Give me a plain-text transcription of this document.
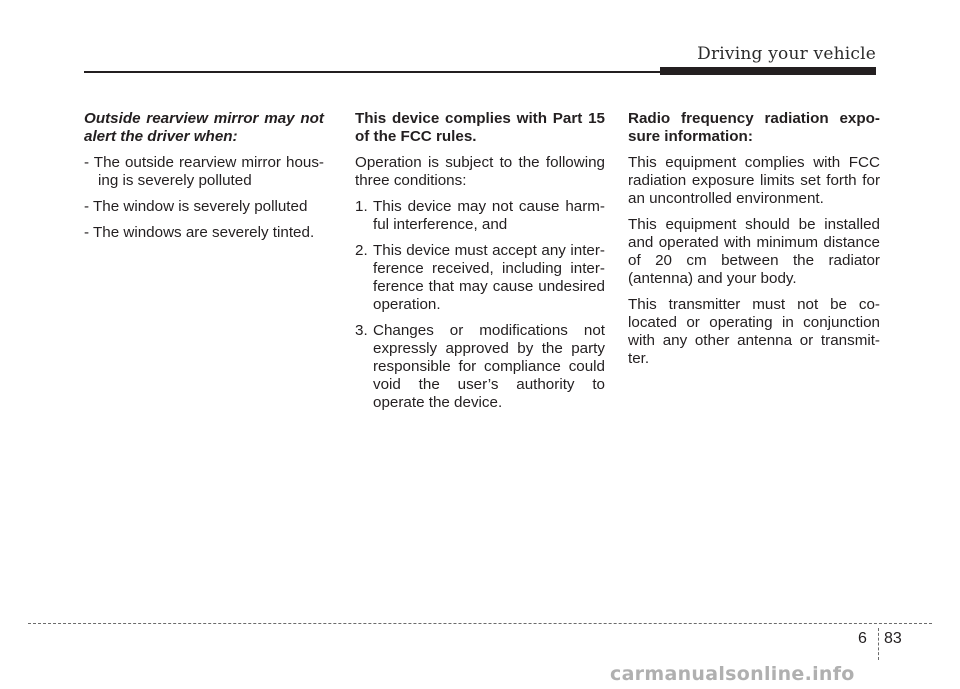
Driving your vehicle

Outside rearview mirror may not alert the driver when:

- The outside rearview mirror hous- ing is severely polluted

- The window is severely polluted

- The windows are severely tinted.

This device complies with Part 15 of the FCC rules.

Operation is subject to the following three conditions:

1. This device may not cause harm- ful interference, and
2. This device must accept any inter- ference received, including inter- ference that may cause undesired operation.
3. Changes or modifications not expressly approved by the party responsible for compliance could void the user’s authority to operate the device.

Radio frequency radiation expo- sure information:

This equipment complies with FCC radiation exposure limits set forth for an uncontrolled environment.

This equipment should be installed and operated with minimum distance of 20 cm between the radiator (antenna) and your body.

This transmitter must not be co- located or operating in conjunction with any other antenna or transmit- ter.

6 83
carmanualsonline.info
